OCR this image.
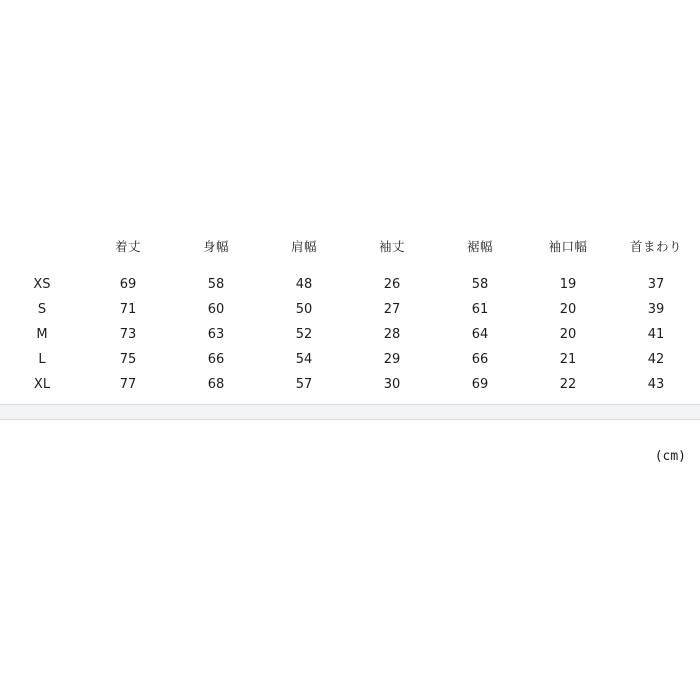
	着丈	身幅	肩幅	袖丈	裾幅	袖口幅	首まわり
XS	69	58	48	26	58	19	37
S	71	60	50	27	61	20	39
M	73	63	52	28	64	20	41
L	75	66	54	29	66	21	42
XL	77	68	57	30	69	22	43
(cm)
